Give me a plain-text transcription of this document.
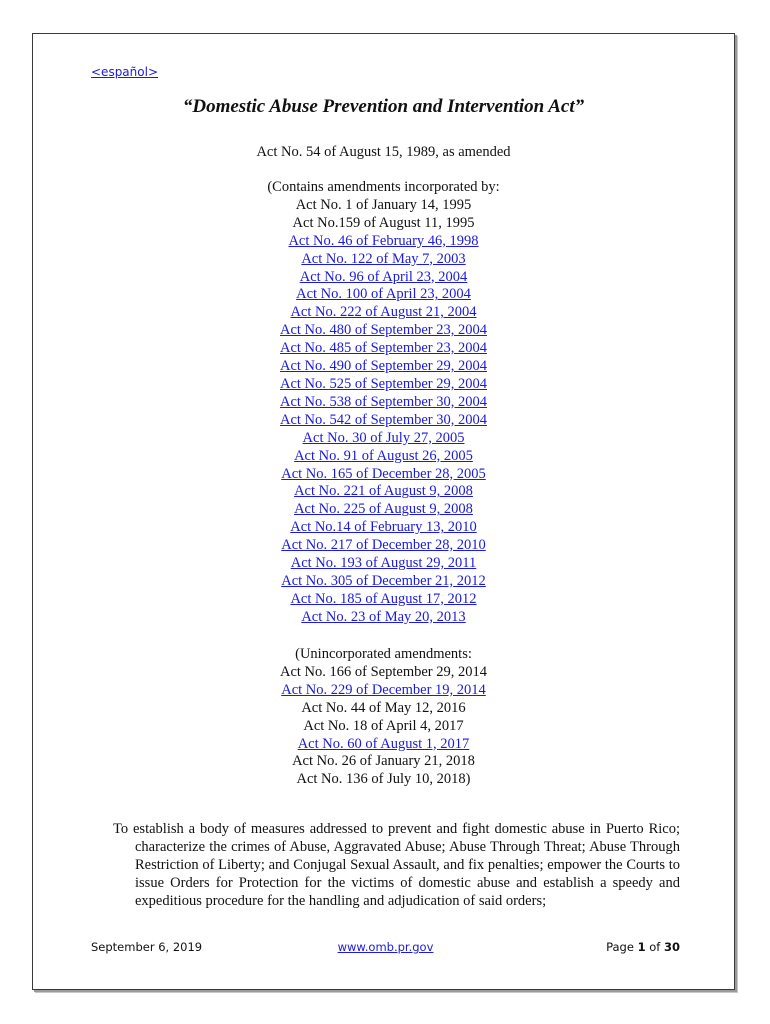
<español>
“Domestic Abuse Prevention and Intervention Act”
Act No. 54 of August 15, 1989, as amended
(Contains amendments incorporated by:
Act No. 1 of January 14, 1995
Act No.159 of August 11, 1995
Act No. 46 of February 46, 1998
Act No. 122 of May 7, 2003
Act No. 96 of April 23, 2004
Act No. 100 of April 23, 2004
Act No. 222 of August 21, 2004
Act No. 480 of September 23, 2004
Act No. 485 of September 23, 2004
Act No. 490 of September 29, 2004
Act No. 525 of September 29, 2004
Act No. 538 of September 30, 2004
Act No. 542 of September 30, 2004
Act No. 30 of July 27, 2005
Act No. 91 of August 26, 2005
Act No. 165 of December 28, 2005
Act No. 221 of August 9, 2008
Act No. 225 of August 9, 2008
Act No.14 of February 13, 2010
Act No. 217 of December 28, 2010
Act No. 193 of August 29, 2011
Act No. 305 of December 21, 2012
Act No. 185 of August 17, 2012
Act No. 23 of May 20, 2013
(Unincorporated amendments:
Act No. 166 of September 29, 2014
Act No. 229 of December 19, 2014
Act No. 44 of May 12, 2016
Act No. 18 of April 4, 2017
Act No. 60 of August 1, 2017
Act No. 26 of January 21, 2018
Act No. 136 of July 10, 2018)
To establish a body of measures addressed to prevent and fight domestic abuse in Puerto Rico; characterize the crimes of Abuse, Aggravated Abuse; Abuse Through Threat; Abuse Through Restriction of Liberty; and Conjugal Sexual Assault, and fix penalties; empower the Courts to issue Orders for Protection for the victims of domestic abuse and establish a speedy and expeditious procedure for the handling and adjudication of said orders;
September 6, 2019	www.omb.pr.gov	Page 1 of 30
